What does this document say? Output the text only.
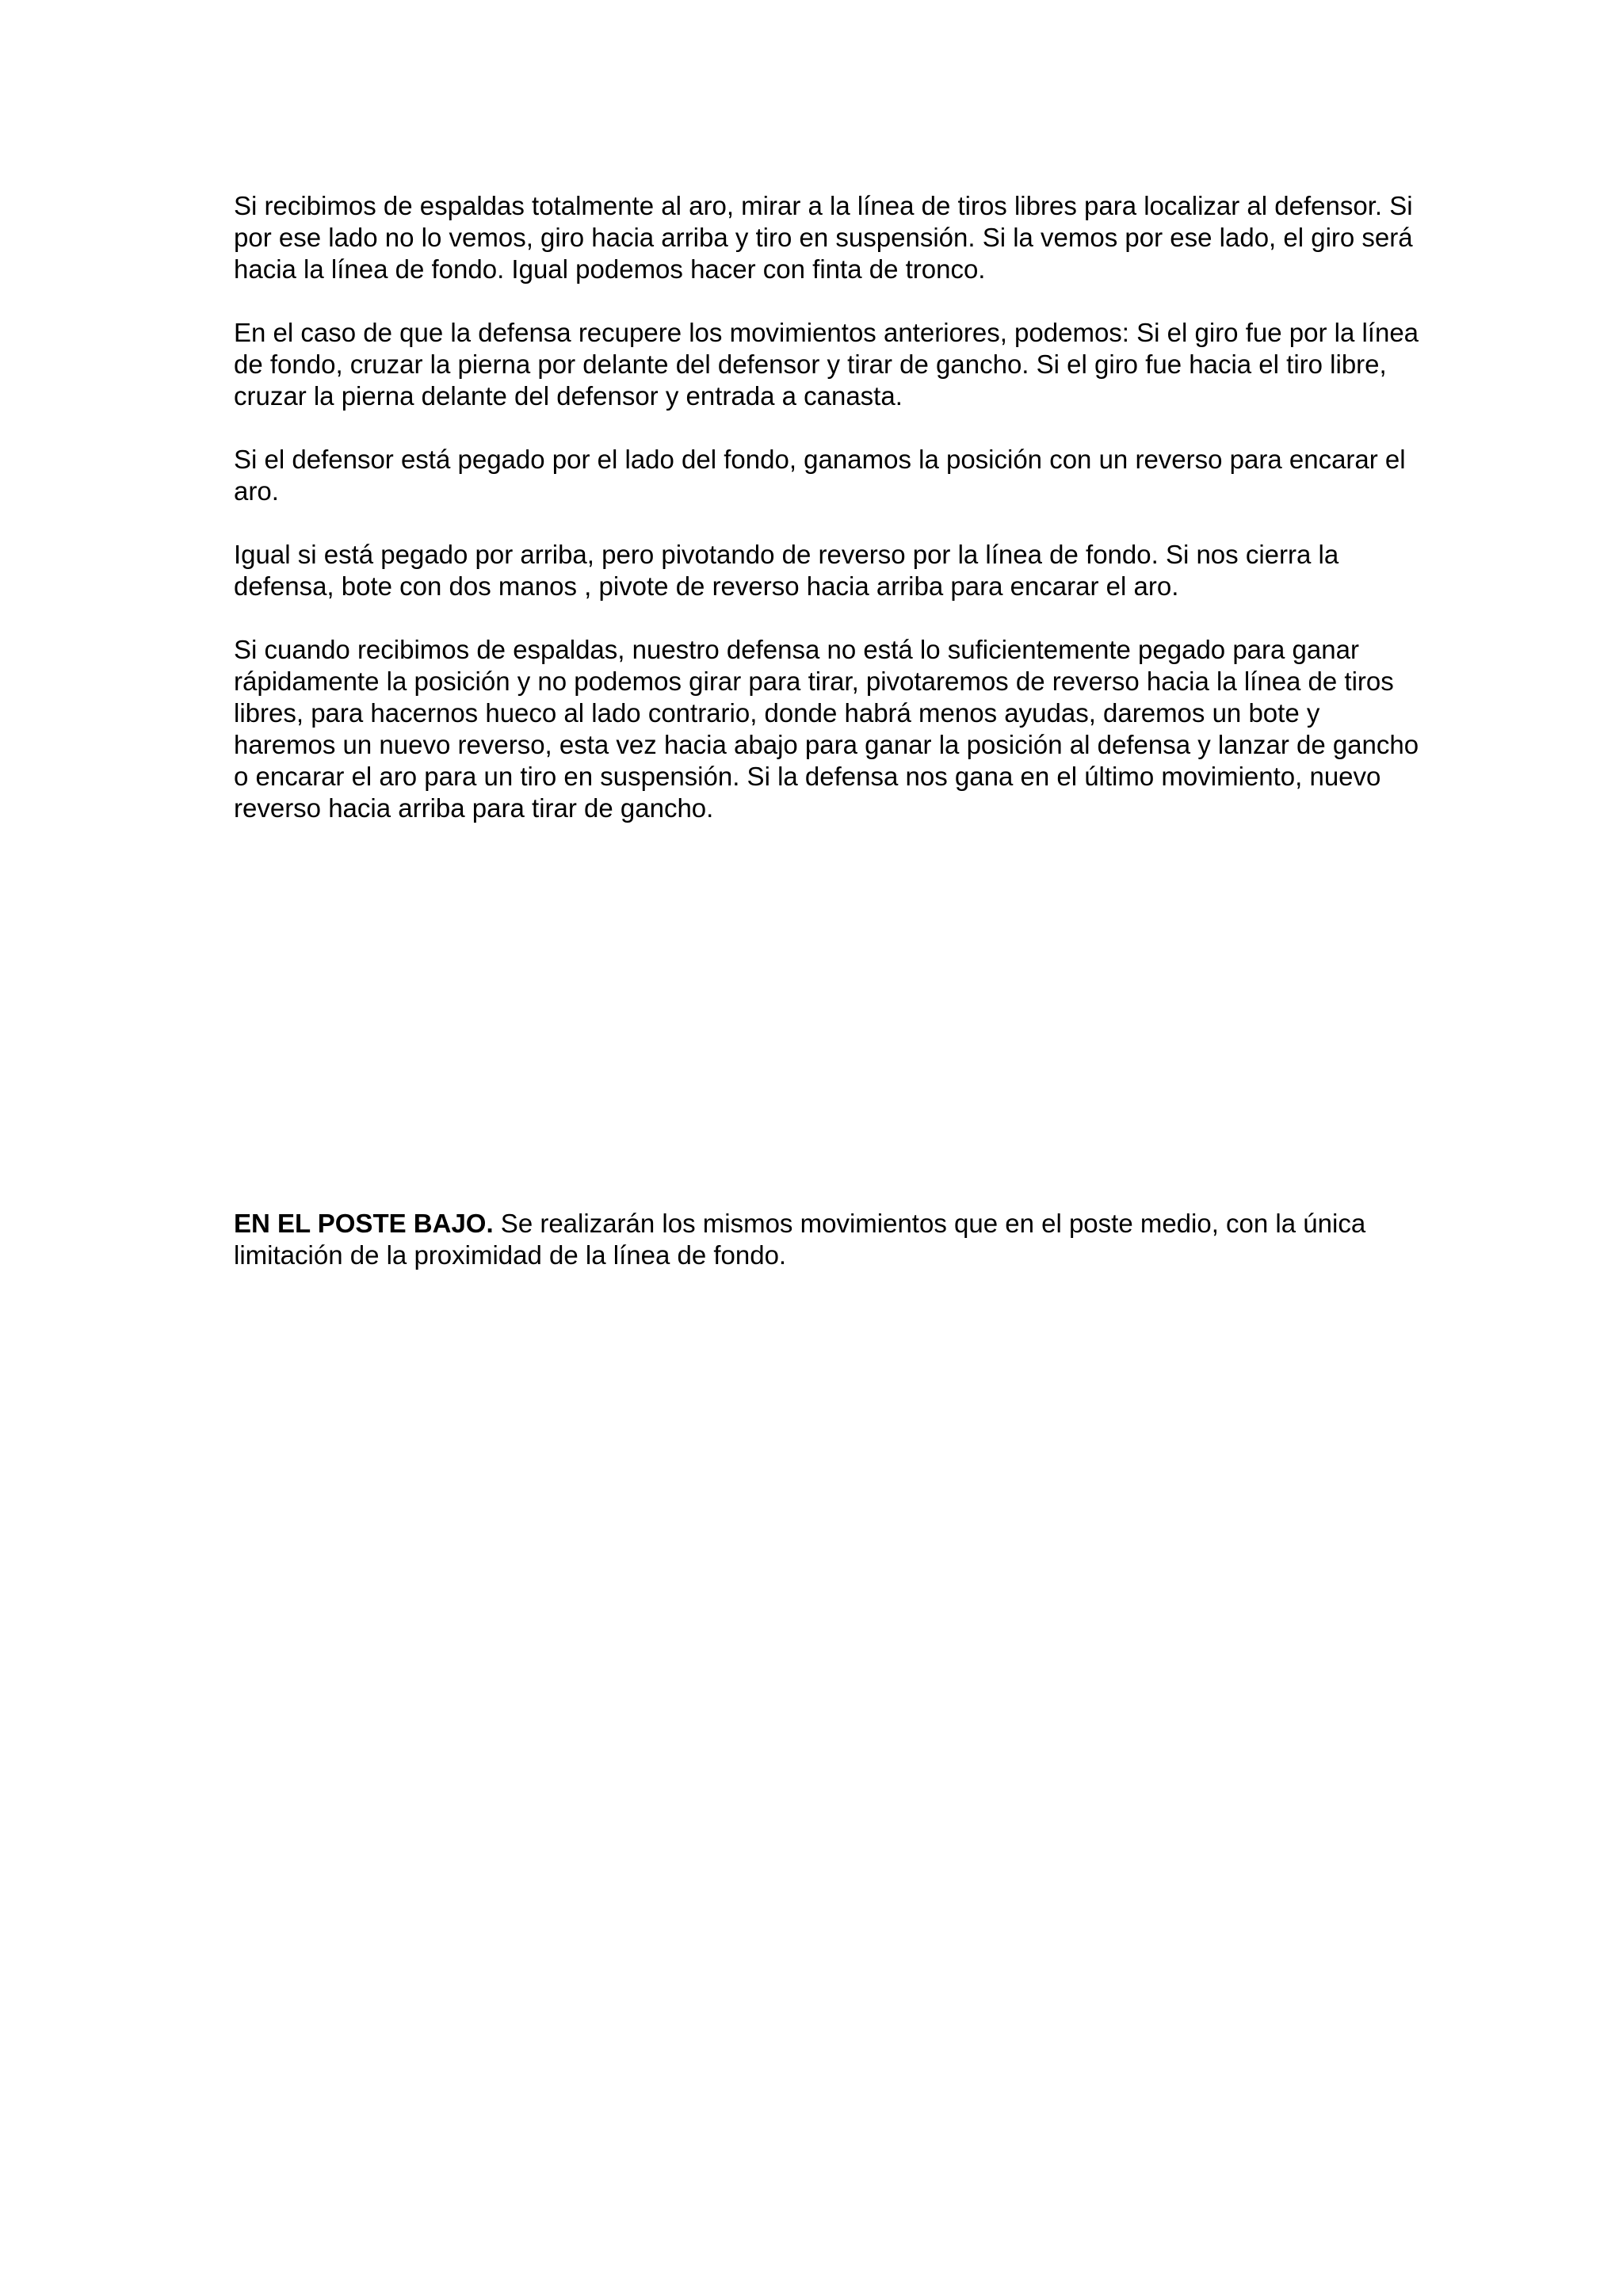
Si recibimos de espaldas totalmente al aro, mirar a la línea de tiros libres para localizar al defensor. Si por ese lado no lo vemos, giro hacia arriba y tiro en suspensión. Si la vemos por ese lado, el giro será hacia la línea de fondo. Igual podemos hacer con finta de tronco.

En el caso de que la defensa recupere los movimientos anteriores, podemos: Si el giro fue por la línea de fondo, cruzar la pierna por delante del defensor y tirar de gancho. Si el giro fue hacia el tiro libre, cruzar la pierna delante del defensor y entrada a canasta.

Si el defensor está pegado por el lado del fondo, ganamos la posición con un reverso para encarar el aro.

Igual si está pegado por arriba, pero pivotando de reverso por la línea de fondo. Si nos cierra la defensa, bote con dos manos , pivote de reverso hacia arriba para encarar el aro.

Si cuando recibimos de espaldas, nuestro defensa no está lo suficientemente pegado para ganar rápidamente la posición y no podemos girar para tirar, pivotaremos de reverso hacia la línea de tiros libres, para hacernos hueco al lado contrario, donde habrá menos ayudas, daremos un bote y haremos un nuevo reverso, esta vez hacia abajo para ganar la posición al defensa y lanzar de gancho o encarar el aro para un tiro en suspensión. Si la defensa nos gana en el último movimiento, nuevo reverso hacia arriba para tirar de gancho.

EN EL POSTE BAJO. Se realizarán los mismos movimientos que en el poste medio, con la única limitación de la proximidad de la línea de fondo.
